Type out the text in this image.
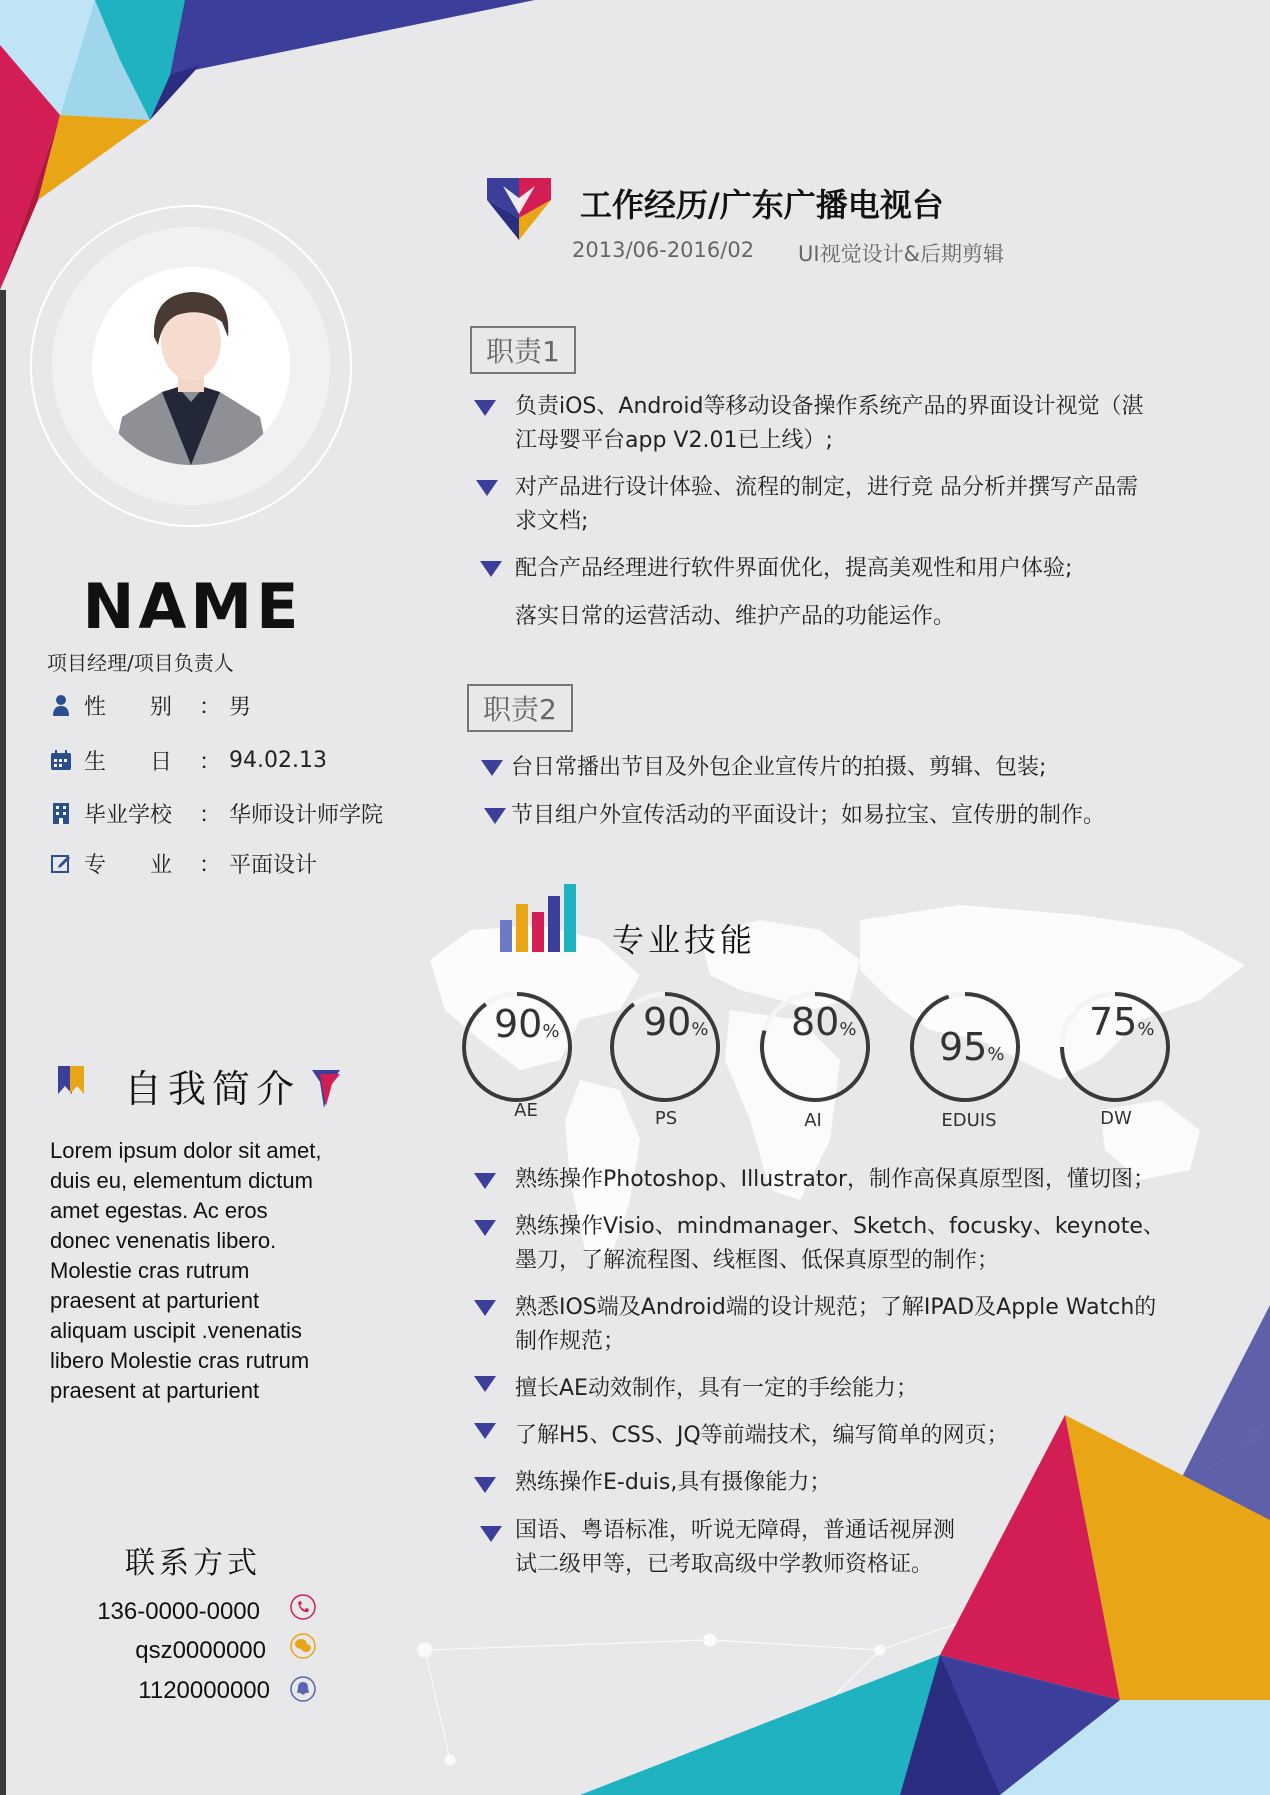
NAME
项目经理/项目负责人
性　　别	： 男
生　　日	： 94.02.13
毕业学校	： 华师设计师学院
专　　业	： 平面设计
自我简介
Lorem ipsum dolor sit amet,
duis eu, elementum dictum
amet egestas. Ac eros
donec venenatis libero.
Molestie cras rutrum
praesent at parturient
aliquam uscipit .venenatis
libero Molestie cras rutrum
praesent at parturient
联系方式
136-0000-0000
qsz0000000
1120000000
工作经历/广东广播电视台
2013/06-2016/02 UI视觉设计&后期剪辑
职责1
负责iOS、Android等移动设备操作系统产品的界面设计视觉（湛
江母婴平台app V2.01已上线）;
对产品进行设计体验、流程的制定，进行竞 品分析并撰写产品需
求文档;
配合产品经理进行软件界面优化，提高美观性和用户体验;
落实日常的运营活动、维护产品的功能运作。
职责2
台日常播出节目及外包企业宣传片的拍摄、剪辑、包装;
节目组户外宣传活动的平面设计；如易拉宝、宣传册的制作。
专业技能
90% 90% 80% 95%
75%
AE	PS	AI	EDUIS	DW
熟练操作Photoshop、Illustrator，制作高保真原型图，懂切图；
熟练操作Visio、mindmanager、Sketch、focusky、keynote、
墨刀，了解流程图、线框图、低保真原型的制作；
熟悉IOS端及Android端的设计规范；了解IPAD及Apple Watch的
制作规范；
擅长AE动效制作，具有一定的手绘能力；
了解H5、CSS、JQ等前端技术，编写简单的网页；
熟练操作E-duis,具有摄像能力；
国语、粤语标准，听说无障碍，普通话视屏测
试二级甲等，已考取高级中学教师资格证。
